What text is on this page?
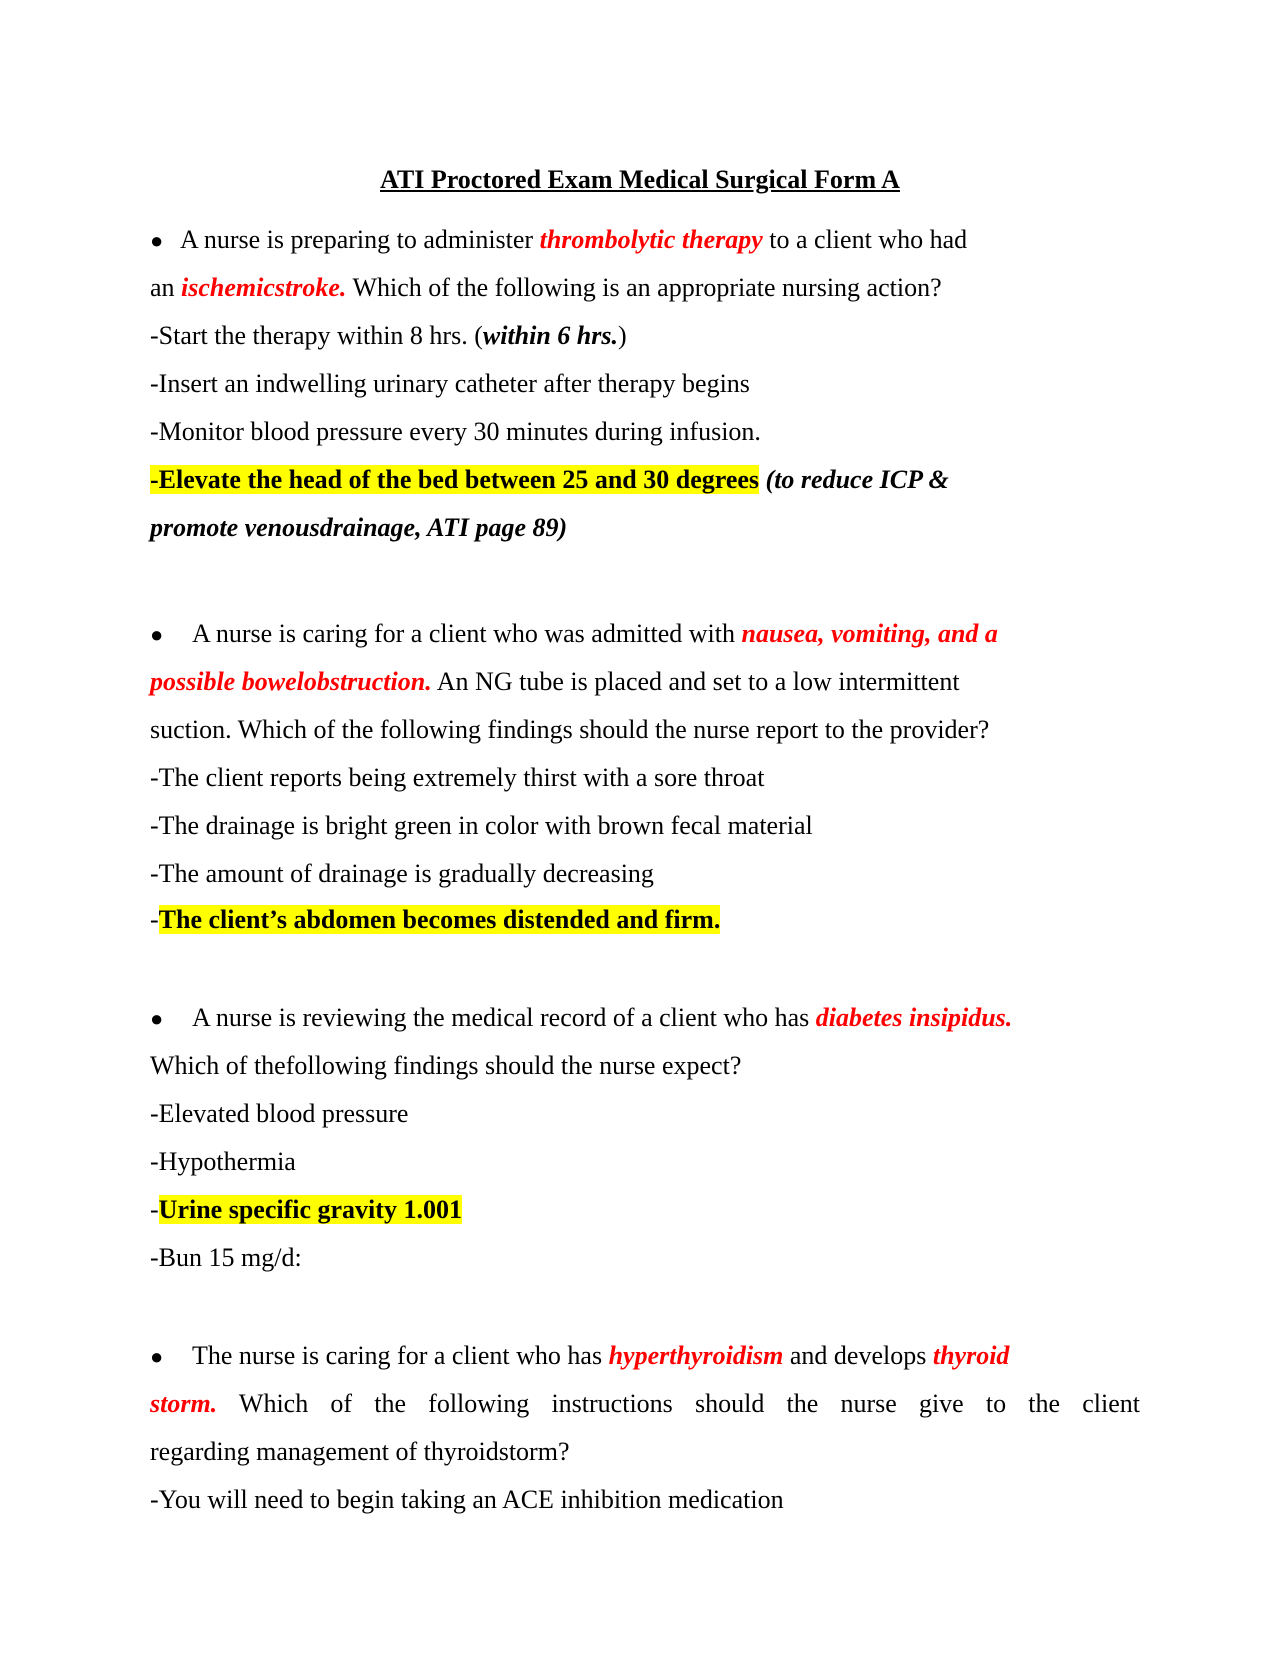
ATI Proctored Exam Medical Surgical Form A

● A nurse is preparing to administer thrombolytic therapy to a client who had

an ischemicstroke. Which of the following is an appropriate nursing action?

-Start the therapy within 8 hrs. (within 6 hrs.)

-Insert an indwelling urinary catheter after therapy begins

-Monitor blood pressure every 30 minutes during infusion.

-Elevate the head of the bed between 25 and 30 degrees (to reduce ICP &

promote venousdrainage, ATI page 89)

● A nurse is caring for a client who was admitted with nausea, vomiting, and a

possible bowelobstruction. An NG tube is placed and set to a low intermittent

suction. Which of the following findings should the nurse report to the provider?

-The client reports being extremely thirst with a sore throat

-The drainage is bright green in color with brown fecal material

-The amount of drainage is gradually decreasing

-The client’s abdomen becomes distended and firm.

● A nurse is reviewing the medical record of a client who has diabetes insipidus.

Which of thefollowing findings should the nurse expect?

-Elevated blood pressure

-Hypothermia

-Urine specific gravity 1.001

-Bun 15 mg/d:

● The nurse is caring for a client who has hyperthyroidism and develops thyroid

storm. Which of the following instructions should the nurse give to the client

regarding management of thyroidstorm?

-You will need to begin taking an ACE inhibition medication
